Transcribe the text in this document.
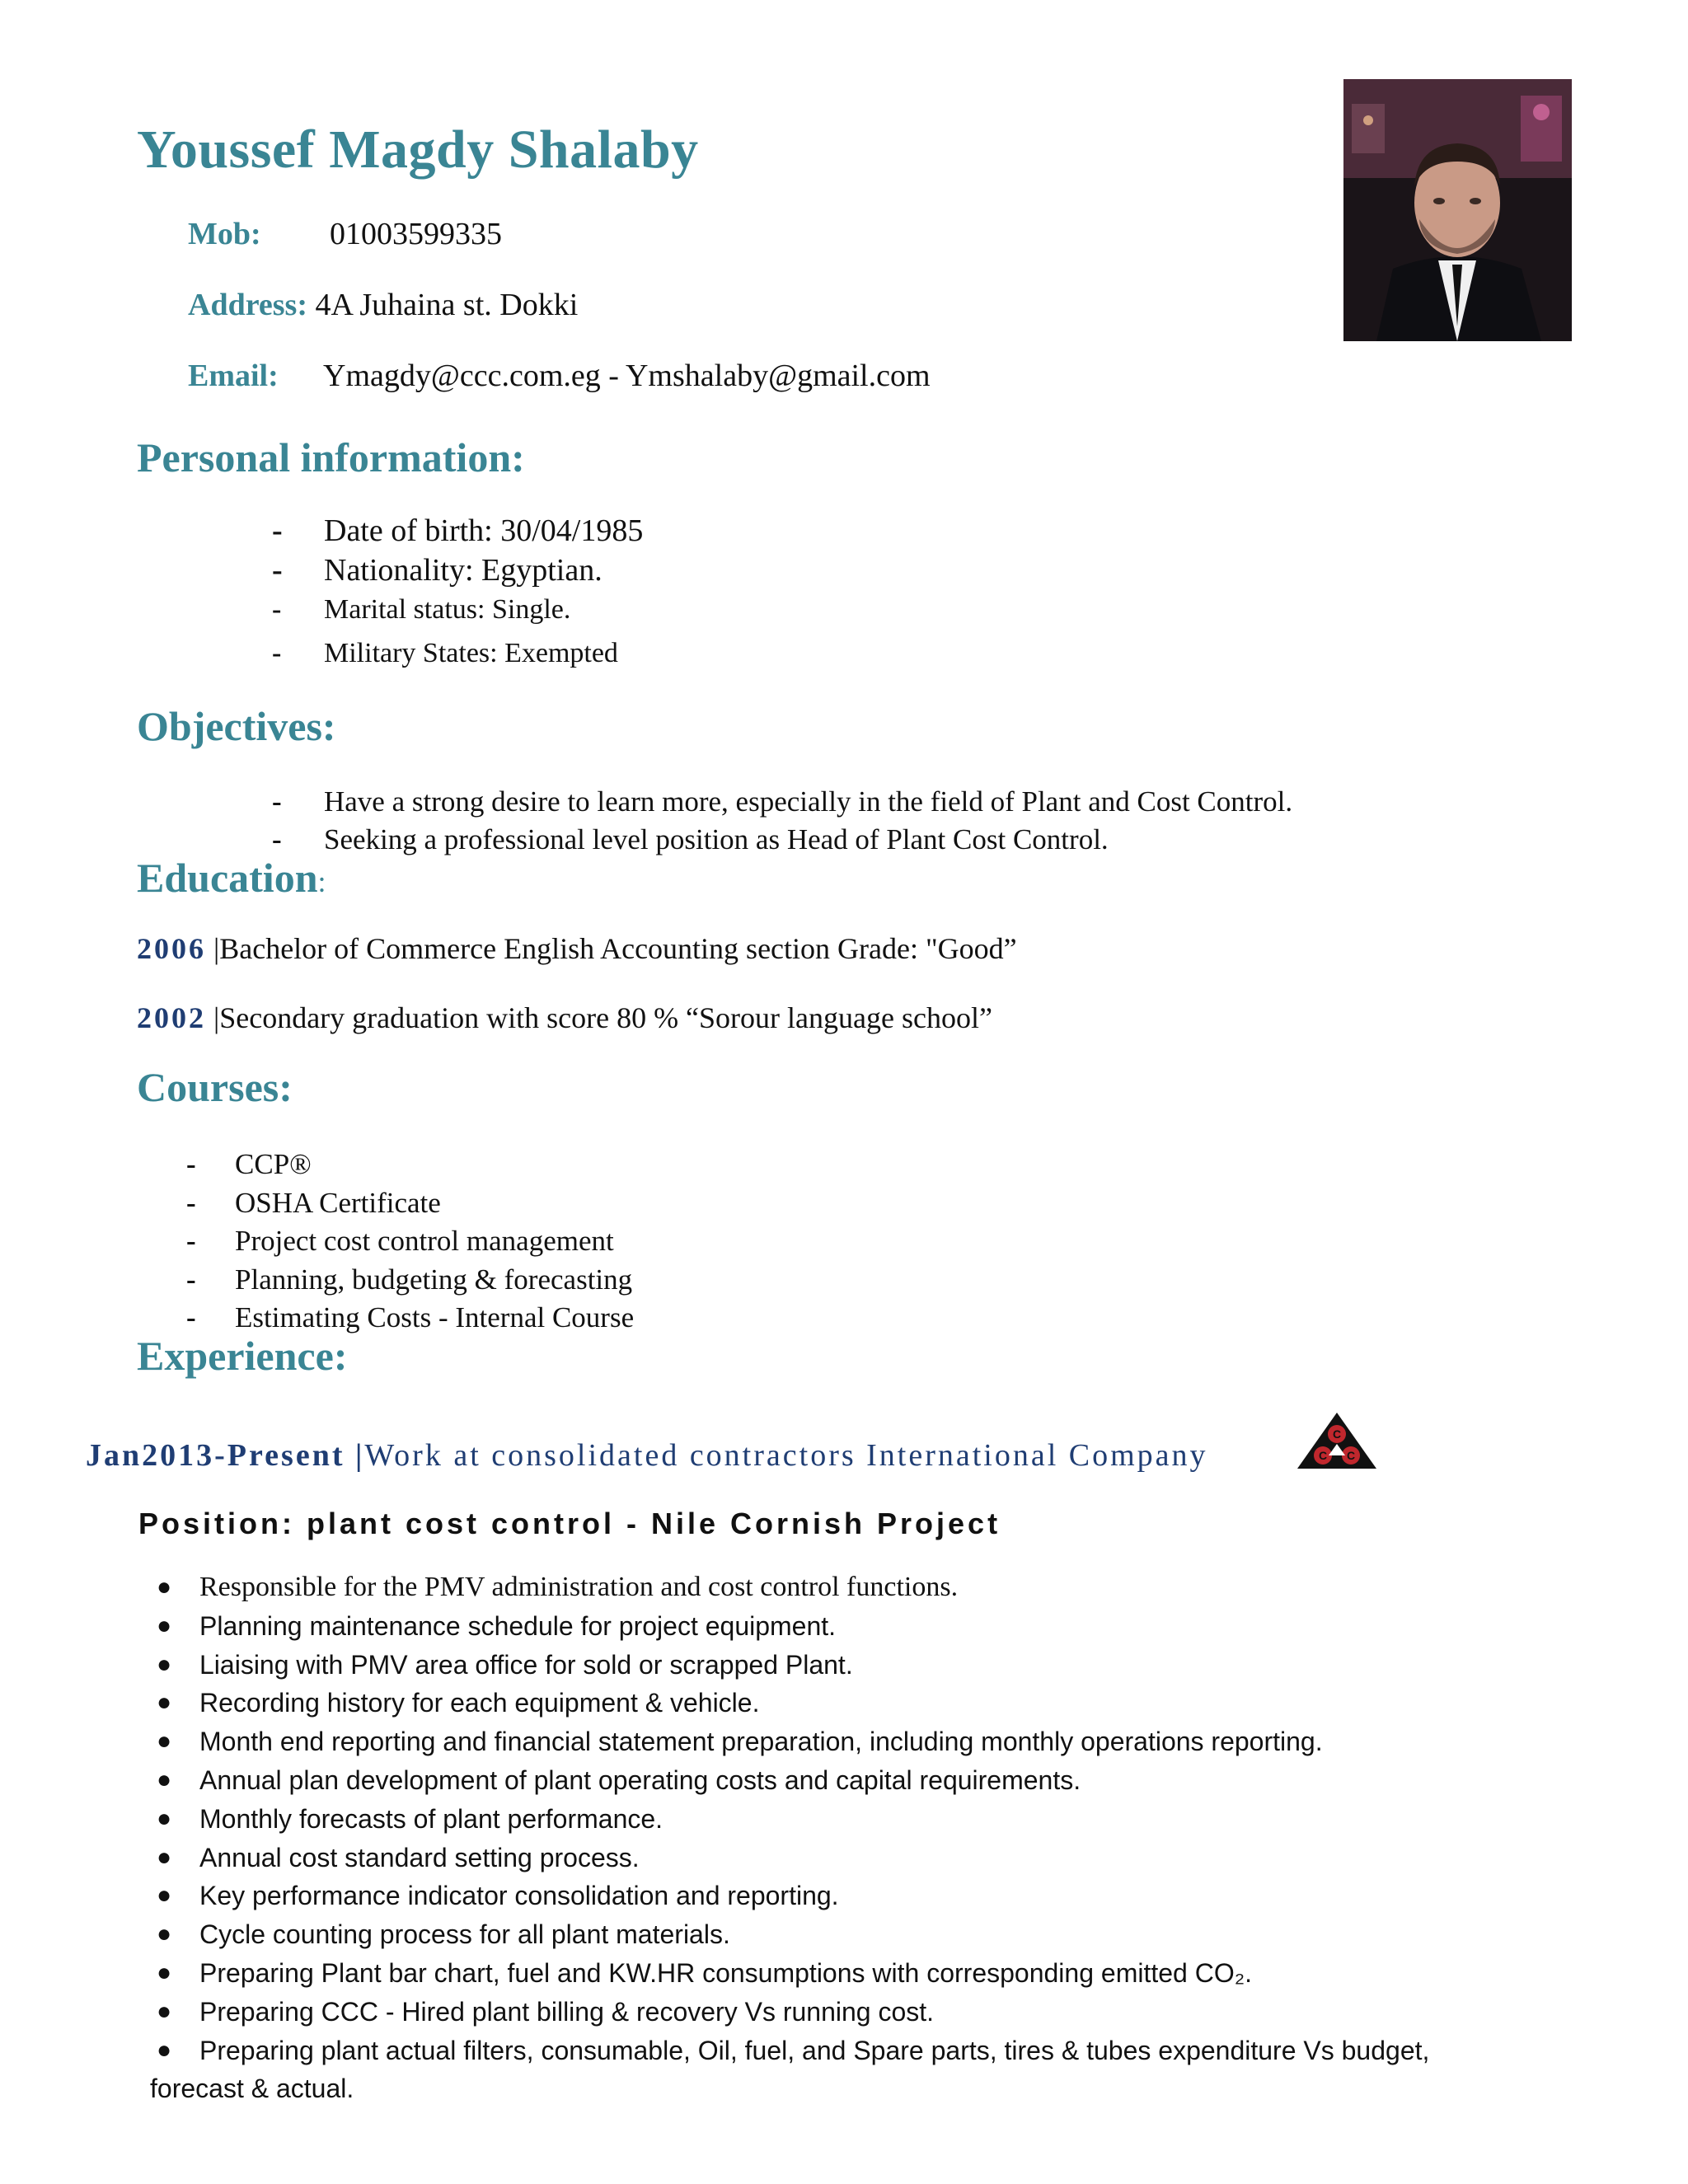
Youssef Magdy Shalaby
Mob: 01003599335
Address: 4A Juhaina st. Dokki
Email: Ymagdy@ccc.com.eg - Ymshalaby@gmail.com
Personal information:
- Date of birth: 30/04/1985
- Nationality: Egyptian.
- Marital status: Single.
- Military States: Exempted
Objectives:
- Have a strong desire to learn more, especially in the field of Plant and Cost Control.
- Seeking a professional level position as Head of Plant Cost Control.
Education:
2006 |Bachelor of Commerce English Accounting section Grade: "Good”
2002 |Secondary graduation with score 80 % “Sorour language school”
Courses:
- CCP®
- OSHA Certificate
- Project cost control management
- Planning, budgeting & forecasting
- Estimating Costs - Internal Course
Experience:
Jan2013-Present |Work at consolidated contractors International Company
C
C C
Position: plant cost control - Nile Cornish Project
● Responsible for the PMV administration and cost control functions.
● Planning maintenance schedule for project equipment.
● Liaising with PMV area office for sold or scrapped Plant.
● Recording history for each equipment & vehicle.
● Month end reporting and financial statement preparation, including monthly operations reporting.
● Annual plan development of plant operating costs and capital requirements.
● Monthly forecasts of plant performance.
● Annual cost standard setting process.
● Key performance indicator consolidation and reporting.
● Cycle counting process for all plant materials.
● Preparing Plant bar chart, fuel and KW.HR consumptions with corresponding emitted CO₂.
● Preparing CCC - Hired plant billing & recovery Vs running cost.
● Preparing plant actual filters, consumable, Oil, fuel, and Spare parts, tires & tubes expenditure Vs budget,
forecast & actual.
